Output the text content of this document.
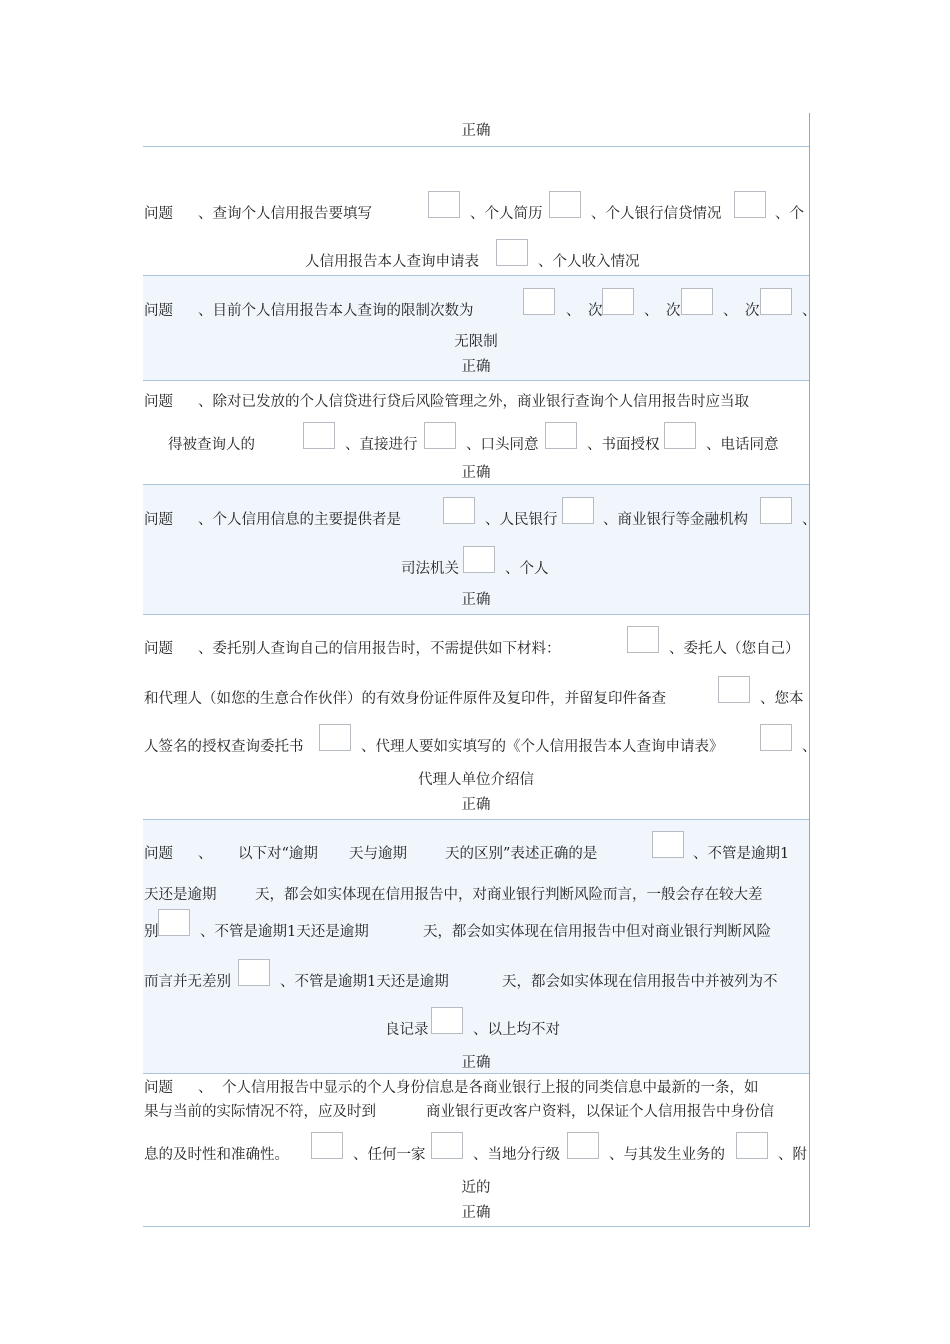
正确
问题 、查询个人信用报告要填写	、个人简历	、个人银行信贷情况	、个
人信用报告本人查询申请表	、个人收入情况
问题 、目前个人信用报告本人查询的限制次数为	、 次	、 次	、 次	、
无限制
正确
问题 、除对已发放的个人信贷进行贷后风险管理之外，商业银行查询个人信用报告时应当取
得被查询人的	、直接进行	、口头同意	、书面授权	、电话同意
正确
问题 、个人信用信息的主要提供者是	、人民银行	、商业银行等金融机构	、
司法机关	、个人
正确
问题 、委托别人查询自己的信用报告时，不需提供如下材料：	、委托人（您自己）
和代理人（如您的生意合作伙伴）的有效身份证件原件及复印件，并留复印件备查	、您本
人签名的授权查询委托书	、代理人要如实填写的《个人信用报告本人查询申请表》	、
代理人单位介绍信
正确
问题 、 以下对“逾期 天与逾期	天的区别”表述正确的是	、不管是逾期1
天还是逾期	天，都会如实体现在信用报告中，对商业银行判断风险而言，一般会存在较大差
别	、不管是逾期1天还是逾期	天，都会如实体现在信用报告中但对商业银行判断风险
而言并无差别	、不管是逾期1天还是逾期	天，都会如实体现在信用报告中并被列为不
良记录	、以上均不对
正确
问题 、 个人信用报告中显示的个人身份信息是各商业银行上报的同类信息中最新的一条，如
果与当前的实际情况不符，应及时到	商业银行更改客户资料，以保证个人信用报告中身份信
息的及时性和准确性。	、任何一家	、当地分行级	、与其发生业务的	、附
近的
正确
